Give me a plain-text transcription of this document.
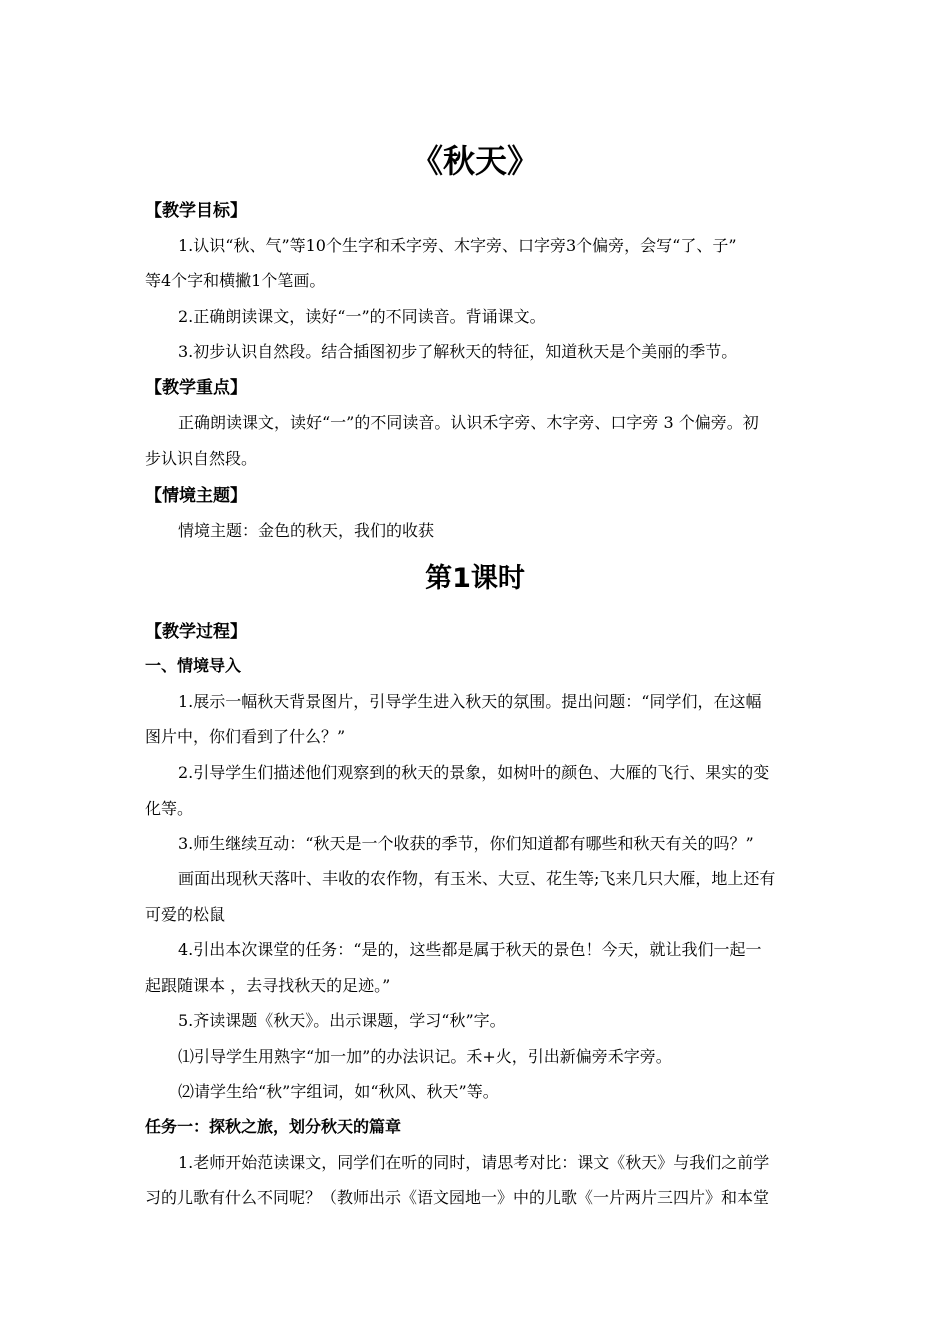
《秋天》
【教学目标】
1.认识“秋、气”等10个生字和禾字旁、木字旁、口字旁3个偏旁，会写“了、子”
等4个字和横撇1个笔画。
2.正确朗读课文，读好“一”的不同读音。背诵课文。
3.初步认识自然段。结合插图初步了解秋天的特征，知道秋天是个美丽的季节。
【教学重点】
正确朗读课文，读好“一”的不同读音。认识禾字旁、木字旁、口字旁 3 个偏旁。初
步认识自然段。
【情境主题】
情境主题：金色的秋天，我们的收获
第1课时
【教学过程】
一、情境导入
1.展示一幅秋天背景图片，引导学生进入秋天的氛围。提出问题：“同学们，在这幅
图片中，你们看到了什么？”
2.引导学生们描述他们观察到的秋天的景象，如树叶的颜色、大雁的飞行、果实的变
化等。
3.师生继续互动：“秋天是一个收获的季节，你们知道都有哪些和秋天有关的吗？”
画面出现秋天落叶、丰收的农作物，有玉米、大豆、花生等;飞来几只大雁，地上还有
可爱的松鼠
4.引出本次课堂的任务：“是的，这些都是属于秋天的景色！今天，就让我们一起一
起跟随课本 ，去寻找秋天的足迹。”
5.齐读课题《秋天》。出示课题，学习“秋”字。
⑴引导学生用熟字“加一加”的办法识记。禾+火，引出新偏旁禾字旁。
⑵请学生给“秋”字组词，如“秋风、秋天”等。
任务一：探秋之旅，划分秋天的篇章
1.老师开始范读课文，同学们在听的同时，请思考对比：课文《秋天》与我们之前学
习的儿歌有什么不同呢？（教师出示《语文园地一》中的儿歌《一片两片三四片》和本堂
